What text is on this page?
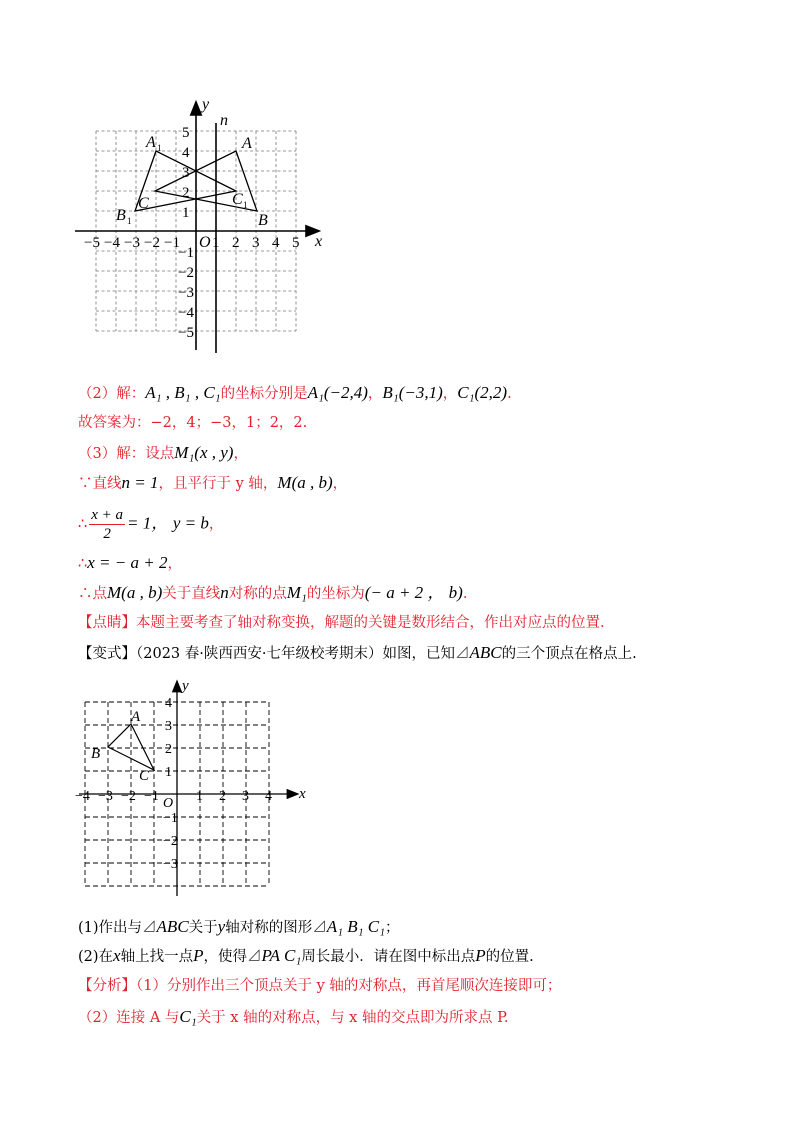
−5 −4 −3 −2 −1 1 2 3 4 5
5
4
3
2
1
−1
−2
−3
−4
−5
y
n
x
O
A
B
C
A 1
B 1
C 1
（2）解：A₁ , B₁ , C₁的坐标分别是A₁(−2,4)，B₁(−3,1)，C₁(2,2).
故答案为：−2，4；−3，1；2，2.
（3）解：设点M₁(x , y)，
∵直线n = 1，且平行于 y 轴，M(a , b)，
∴ $\frac{x + a}{2} = 1$， y = b，
∴x = − a + 2，
∴点M(a , b)关于直线n对称的点M₁的坐标为(− a + 2 ， b).
【点睛】本题主要考查了轴对称变换，解题的关键是数形结合，作出对应点的位置.
【变式】（2023 春·陕西西安·七年级校考期末）如图，已知⊿ABC的三个顶点在格点上.
−4 −3 −2 −1	1 2 3 4
4
3
2
1
−1
−2
−3
y
x
O
A
B
C
(1)作出与⊿ABC关于y轴对称的图形⊿A₁ B₁ C₁；
(2)在x轴上找一点P，使得⊿PA C₁周长最小．请在图中标出点P的位置.
【分析】（1）分别作出三个顶点关于 y 轴的对称点，再首尾顺次连接即可；
（2）连接 A 与C₁关于 x 轴的对称点，与 x 轴的交点即为所求点 P.
